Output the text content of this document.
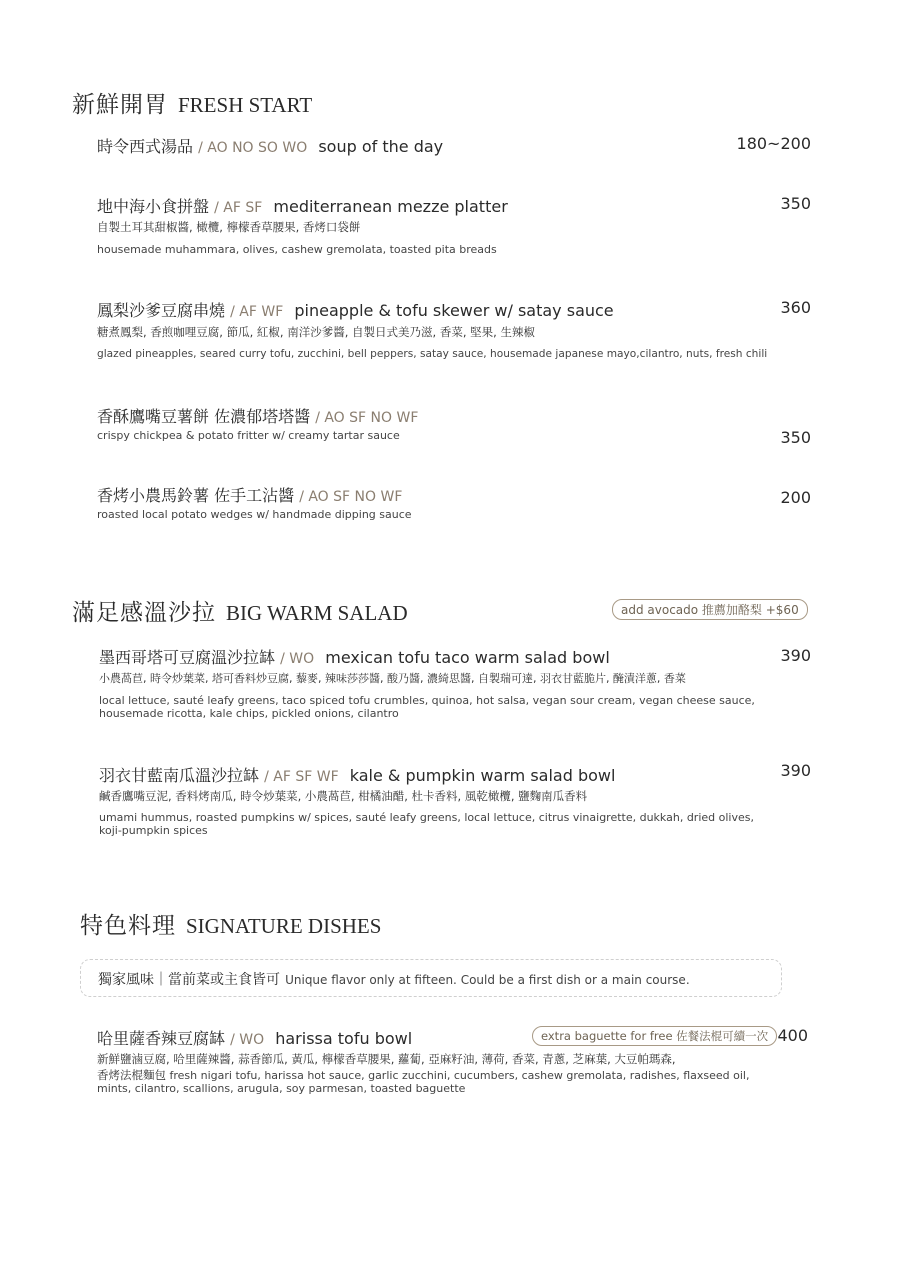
新鮮開胃 FRESH START
時令西式湯品 / AO NO SO WO soup of the day	180~200
地中海小食拼盤 / AF SF mediterranean mezze platter	350
自製土耳其甜椒醬, 橄欖, 檸檬香草腰果, 香烤口袋餅
housemade muhammara, olives, cashew gremolata, toasted pita breads
鳳梨沙爹豆腐串燒 / AF WF pineapple & tofu skewer w/ satay sauce	360
糖煮鳳梨, 香煎咖哩豆腐, 節瓜, 紅椒, 南洋沙爹醬, 自製日式美乃滋, 香菜, 堅果, 生辣椒
glazed pineapples, seared curry tofu, zucchini, bell peppers, satay sauce, housemade japanese mayo,cilantro, nuts, fresh chili
香酥鷹嘴豆薯餅 佐濃郁塔塔醬 / AO SF NO WF
crispy chickpea & potato fritter w/ creamy tartar sauce	350
香烤小農馬鈴薯 佐手工沾醬 / AO SF NO WF
roasted local potato wedges w/ handmade dipping sauce
200
滿足感溫沙拉 BIG WARM SALAD	add avocado 推薦加酪梨 +$60
墨西哥塔可豆腐溫沙拉缽 / WO mexican tofu taco warm salad bowl	390
小農萵苣, 時令炒葉菜, 塔可香料炒豆腐, 藜麥, 辣味莎莎醬, 酸乃醬, 濃綺思醬, 自製瑞可達, 羽衣甘藍脆片, 醃漬洋蔥, 香菜
local lettuce, sauté leafy greens, taco spiced tofu crumbles, quinoa, hot salsa, vegan sour cream, vegan cheese sauce,
housemade ricotta, kale chips, pickled onions, cilantro
羽衣甘藍南瓜溫沙拉缽 / AF SF WF kale & pumpkin warm salad bowl	390
鹹香鷹嘴豆泥, 香料烤南瓜, 時令炒葉菜, 小農萵苣, 柑橘油醋, 杜卡香料, 風乾橄欖, 鹽麴南瓜香料
umami hummus, roasted pumpkins w/ spices, sauté leafy greens, local lettuce, citrus vinaigrette, dukkah, dried olives,
koji-pumpkin spices
特色料理 SIGNATURE DISHES
獨家風味｜當前菜或主食皆可 Unique flavor only at fifteen. Could be a first dish or a main course.
哈里薩香辣豆腐缽 / WO harissa tofu bowl	extra baguette for free 佐餐法棍可續一次 400
新鮮鹽滷豆腐, 哈里薩辣醬, 蒜香節瓜, 黃瓜, 檸檬香草腰果, 蘿蔔, 亞麻籽油, 薄荷, 香菜, 青蔥, 芝麻葉, 大豆帕瑪森,
香烤法棍麵包 fresh nigari tofu, harissa hot sauce, garlic zucchini, cucumbers, cashew gremolata, radishes, flaxseed oil,
mints, cilantro, scallions, arugula, soy parmesan, toasted baguette
